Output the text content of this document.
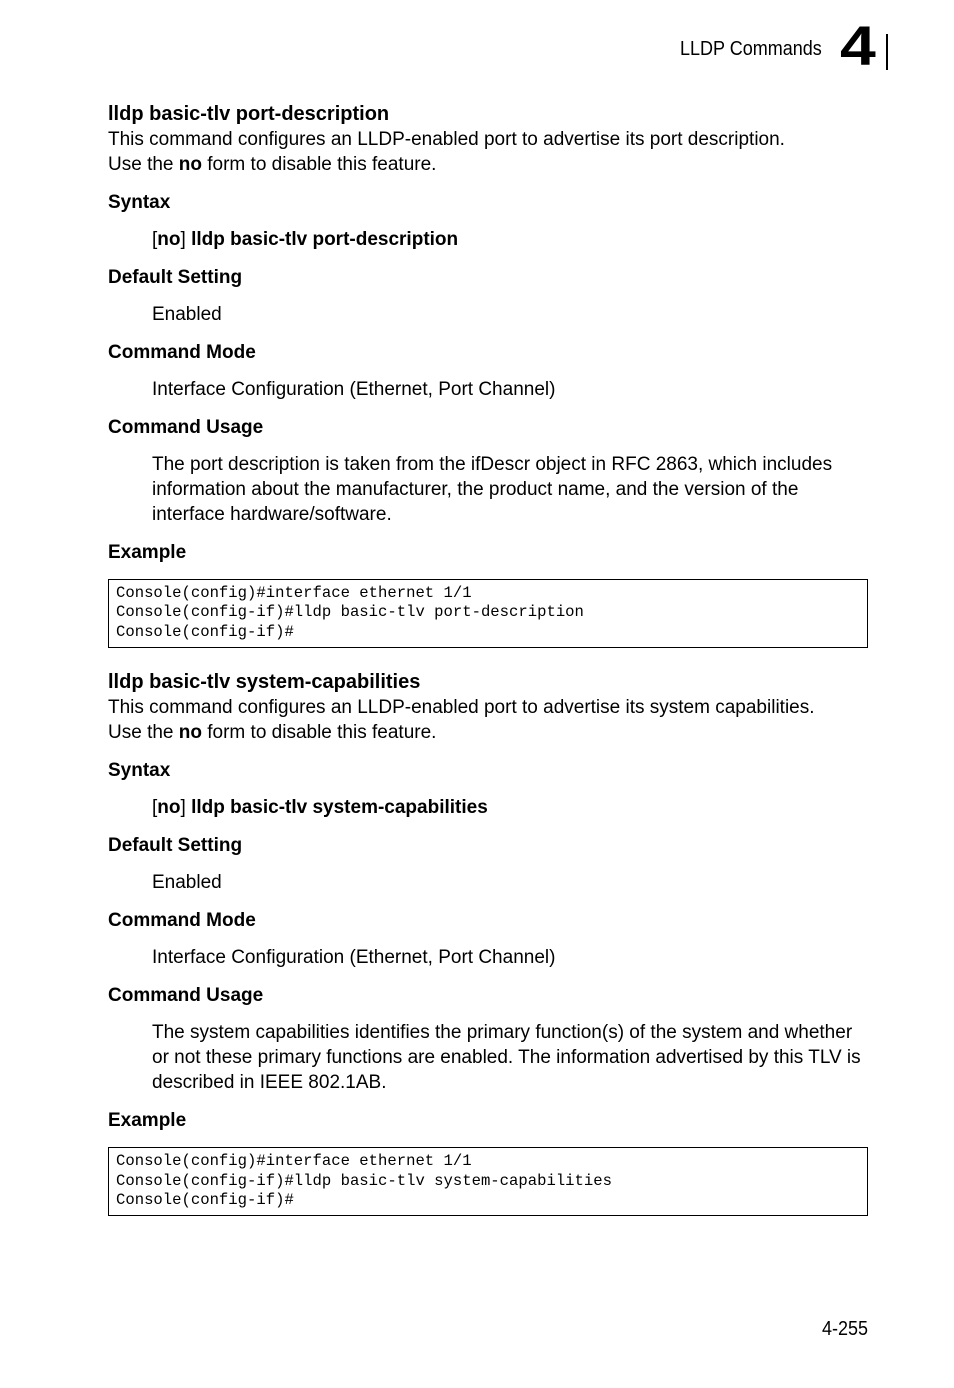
LLDP Commands 4
lldp basic-tlv port-description

This command configures an LLDP-enabled port to advertise its port description.
Use the no form to disable this feature.

Syntax
[no] lldp basic-tlv port-description
Default Setting
Enabled
Command Mode
Interface Configuration (Ethernet, Port Channel)
Command Usage
The port description is taken from the ifDescr object in RFC 2863, which includes information about the manufacturer, the product name, and the version of the interface hardware/software.
Example
Console(config)#interface ethernet 1/1
Console(config-if)#lldp basic-tlv port-description
Console(config-if)#
lldp basic-tlv system-capabilities

This command configures an LLDP-enabled port to advertise its system capabilities.
Use the no form to disable this feature.

Syntax
[no] lldp basic-tlv system-capabilities
Default Setting
Enabled
Command Mode
Interface Configuration (Ethernet, Port Channel)
Command Usage
The system capabilities identifies the primary function(s) of the system and whether or not these primary functions are enabled. The information advertised by this TLV is described in IEEE 802.1AB.
Example
Console(config)#interface ethernet 1/1
Console(config-if)#lldp basic-tlv system-capabilities
Console(config-if)#
4-255
